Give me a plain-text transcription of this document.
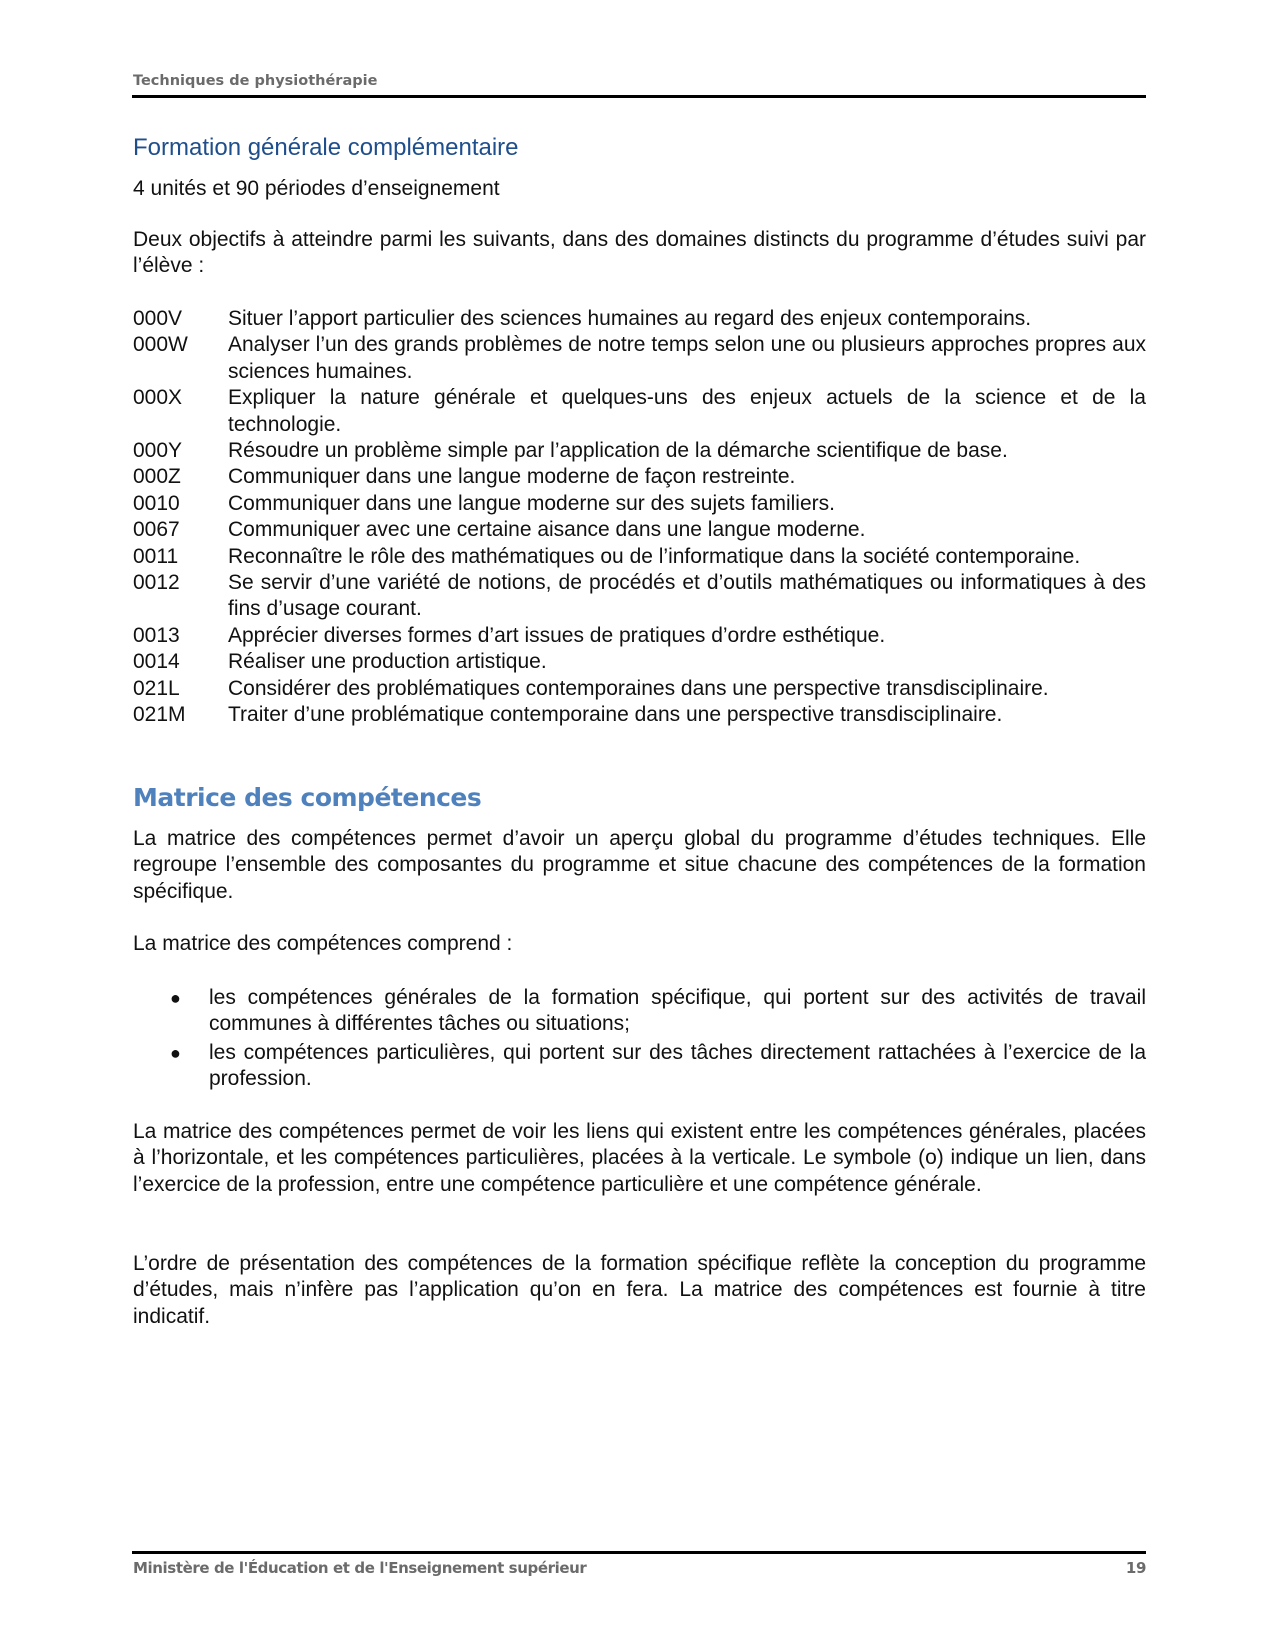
Techniques de physiothérapie
Formation générale complémentaire
4 unités et 90 périodes d’enseignement
Deux objectifs à atteindre parmi les suivants, dans des domaines distincts du programme d’études suivi par l’élève :
000V	Situer l’apport particulier des sciences humaines au regard des enjeux contemporains.
000W	Analyser l’un des grands problèmes de notre temps selon une ou plusieurs approches propres aux sciences humaines.
000X	Expliquer la nature générale et quelques-uns des enjeux actuels de la science et de la technologie.
000Y	Résoudre un problème simple par l’application de la démarche scientifique de base.
000Z	Communiquer dans une langue moderne de façon restreinte.
0010	Communiquer dans une langue moderne sur des sujets familiers.
0067	Communiquer avec une certaine aisance dans une langue moderne.
0011	Reconnaître le rôle des mathématiques ou de l’informatique dans la société contemporaine.
0012	Se servir d’une variété de notions, de procédés et d’outils mathématiques ou informatiques à des fins d’usage courant.
0013	Apprécier diverses formes d’art issues de pratiques d’ordre esthétique.
0014	Réaliser une production artistique.
021L	Considérer des problématiques contemporaines dans une perspective transdisciplinaire.
021M	Traiter d’une problématique contemporaine dans une perspective transdisciplinaire.
Matrice des compétences
La matrice des compétences permet d’avoir un aperçu global du programme d’études techniques. Elle regroupe l’ensemble des composantes du programme et situe chacune des compétences de la formation spécifique.
La matrice des compétences comprend :
●	les compétences générales de la formation spécifique, qui portent sur des activités de travail communes à différentes tâches ou situations;
●	les compétences particulières, qui portent sur des tâches directement rattachées à l’exercice de la profession.
La matrice des compétences permet de voir les liens qui existent entre les compétences générales, placées à l’horizontale, et les compétences particulières, placées à la verticale. Le symbole (o) indique un lien, dans l’exercice de la profession, entre une compétence particulière et une compétence générale.
L’ordre de présentation des compétences de la formation spécifique reflète la conception du programme d’études, mais n’infère pas l’application qu’on en fera. La matrice des compétences est fournie à titre indicatif.
Ministère de l'Éducation et de l'Enseignement supérieur	19
